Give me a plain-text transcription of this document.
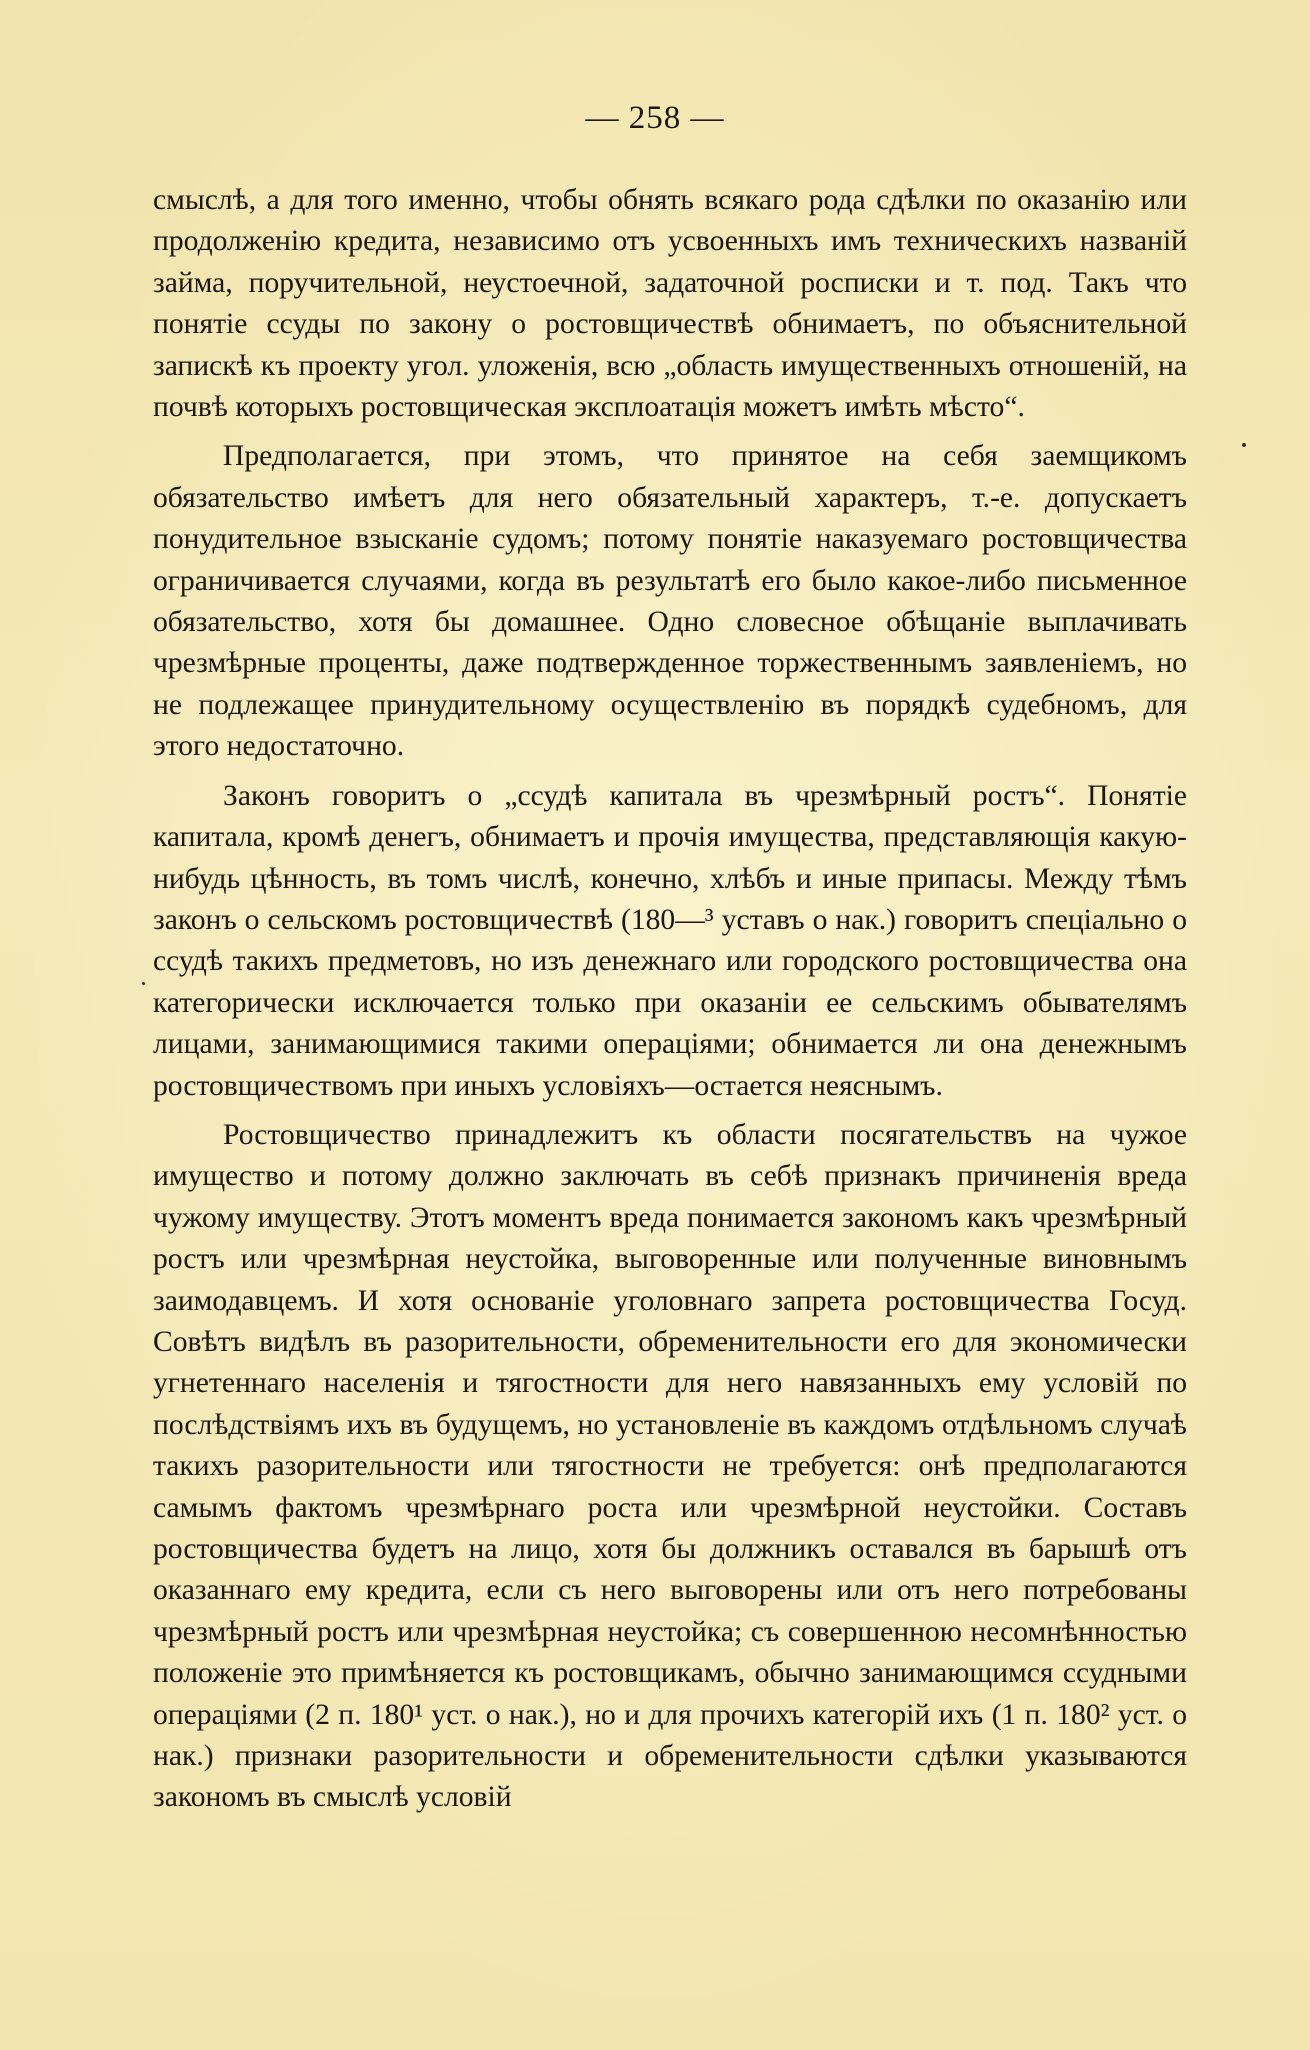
— 258 —

смыслѣ, а для того именно, чтобы обнять всякаго рода сдѣлки по оказанію или продолженію кредита, независимо отъ усвоенныхъ имъ техническихъ названій займа, поручительной, неустоечной, задаточной росписки и т. под. Такъ что понятіе ссуды по закону о ростовщичествѣ обнимаетъ, по объяснительной запискѣ къ проекту угол. уложенія, всю „область имущественныхъ отношеній, на почвѣ которыхъ ростовщическая эксплоатація можетъ имѣть мѣсто“.

Предполагается, при этомъ, что принятое на себя заемщикомъ обязательство имѣетъ для него обязательный характеръ, т.-е. допускаетъ понудительное взысканіе судомъ; потому понятіе наказуемаго ростовщичества ограничивается случаями, когда въ результатѣ его было какое-либо письменное обязательство, хотя бы домашнее. Одно словесное обѣщаніе выплачивать чрезмѣрные проценты, даже подтвержденное торжественнымъ заявленіемъ, но не подлежащее принудительному осуществленію въ порядкѣ судебномъ, для этого недостаточно.

Законъ говоритъ о „ссудѣ капитала въ чрезмѣрный ростъ“. Понятіе капитала, кромѣ денегъ, обнимаетъ и прочія имущества, представляющія какую-нибудь цѣнность, въ томъ числѣ, конечно, хлѣбъ и иные припасы. Между тѣмъ законъ о сельскомъ ростовщичествѣ (180—³ уставъ о нак.) говоритъ спеціально о ссудѣ такихъ предметовъ, но изъ денежнаго или городского ростовщичества она категорически исключается только при оказаніи ее сельскимъ обывателямъ лицами, занимающимися такими операціями; обнимается ли она денежнымъ ростовщичествомъ при иныхъ условіяхъ—остается неяснымъ.

Ростовщичество принадлежитъ къ области посягательствъ на чужое имущество и потому должно заключать въ себѣ признакъ причиненія вреда чужому имуществу. Этотъ моментъ вреда понимается закономъ какъ чрезмѣрный ростъ или чрезмѣрная неустойка, выговоренные или полученные виновнымъ заимодавцемъ. И хотя основаніе уголовнаго запрета ростовщичества Госуд. Совѣтъ видѣлъ въ разорительности, обременительности его для экономически угнетеннаго населенія и тягостности для него навязанныхъ ему условій по послѣдствіямъ ихъ въ будущемъ, но установленіе въ каждомъ отдѣльномъ случаѣ такихъ разорительности или тягостности не требуется: онѣ предполагаются самымъ фактомъ чрезмѣрнаго роста или чрезмѣрной неустойки. Составъ ростовщичества будетъ на лицо, хотя бы должникъ оставался въ барышѣ отъ оказаннаго ему кредита, если съ него выговорены или отъ него потребованы чрезмѣрный ростъ или чрезмѣрная неустойка; съ совершенною несомнѣнностью положеніе это примѣняется къ ростовщикамъ, обычно занимающимся ссудными операціями (2 п. 180¹ уст. о нак.), но и для прочихъ категорій ихъ (1 п. 180² уст. о нак.) признаки разорительности и обременительности сдѣлки указываются закономъ въ смыслѣ условій
